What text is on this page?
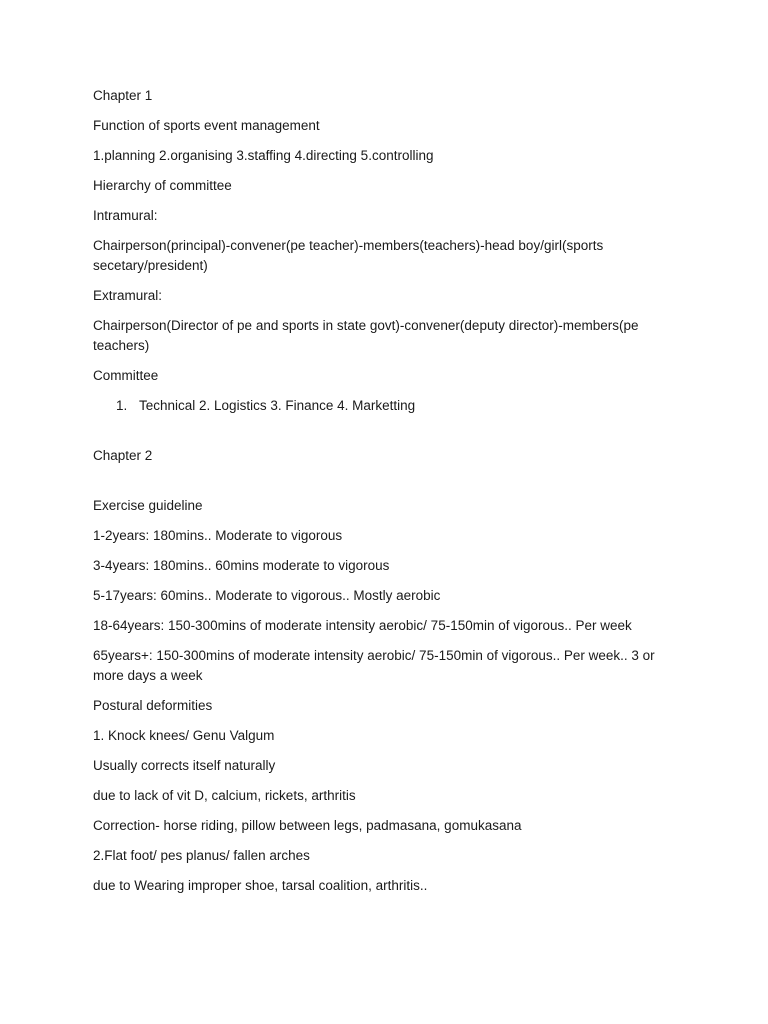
Chapter 1

Function of sports event management

1.planning 2.organising 3.staffing 4.directing 5.controlling

Hierarchy of committee

Intramural:

Chairperson(principal)-convener(pe teacher)-members(teachers)-head boy/girl(sports secetary/president)

Extramural:

Chairperson(Director of pe and sports in state govt)-convener(deputy director)-members(pe teachers)

Committee

1. Technical 2. Logistics 3. Finance 4. Marketting

Chapter 2

Exercise guideline

1-2years: 180mins.. Moderate to vigorous

3-4years: 180mins.. 60mins moderate to vigorous

5-17years: 60mins.. Moderate to vigorous.. Mostly aerobic

18-64years: 150-300mins of moderate intensity aerobic/ 75-150min of vigorous.. Per week

65years+: 150-300mins of moderate intensity aerobic/ 75-150min of vigorous.. Per week.. 3 or more days a week

Postural deformities

1. Knock knees/ Genu Valgum

Usually corrects itself naturally

due to lack of vit D, calcium, rickets, arthritis

Correction- horse riding, pillow between legs, padmasana, gomukasana

2.Flat foot/ pes planus/ fallen arches

due to Wearing improper shoe, tarsal coalition, arthritis..
